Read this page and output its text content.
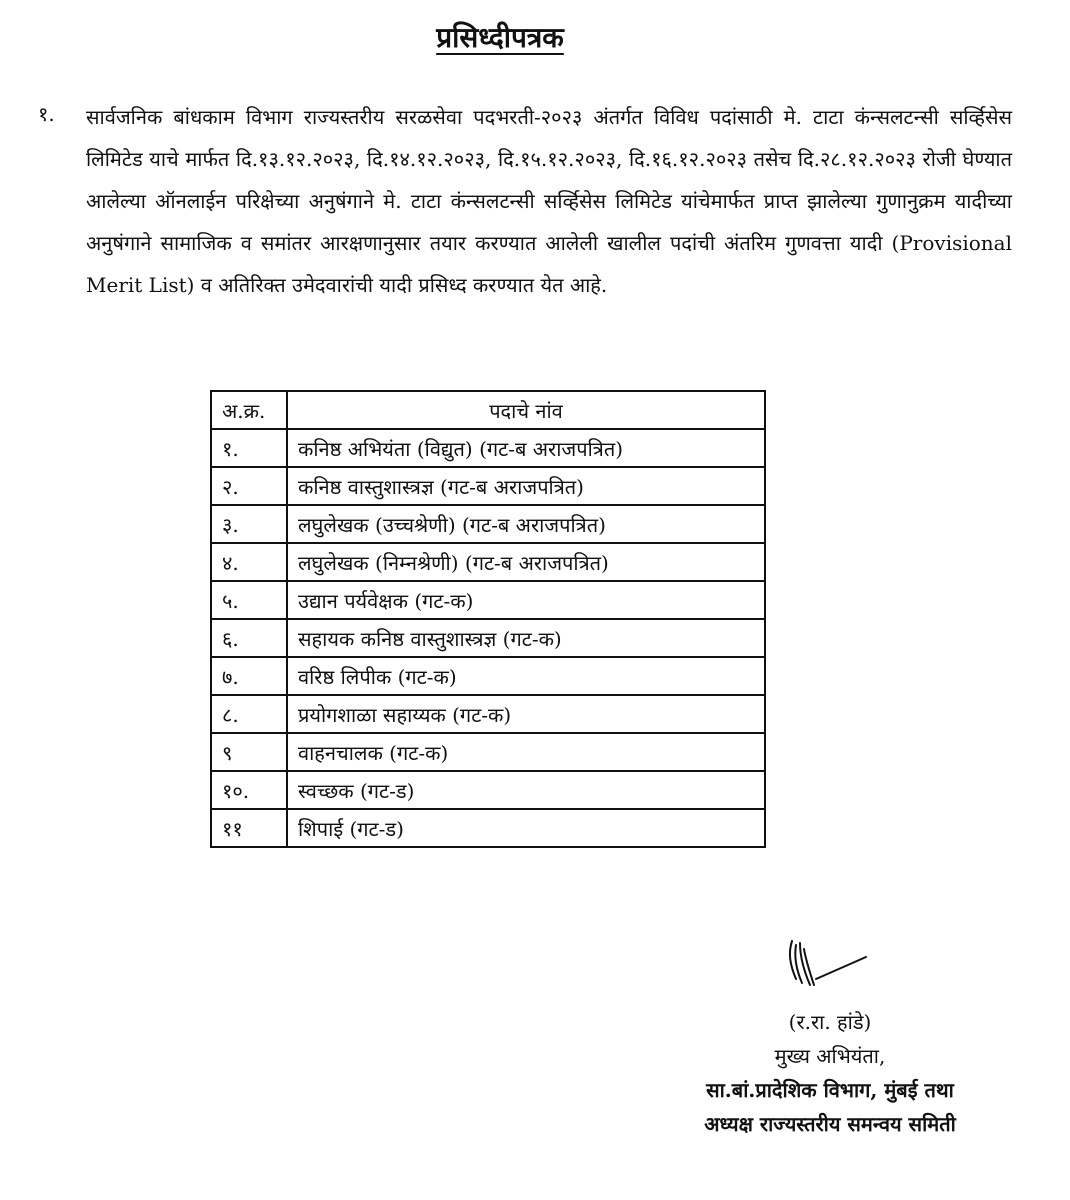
प्रसिध्दीपत्रक
१. सार्वजनिक बांधकाम विभाग राज्यस्तरीय सरळसेवा पदभरती-२०२३ अंतर्गत विविध पदांसाठी मे. टाटा कंन्सलटन्सी सर्व्हिसेस लिमिटेड याचे मार्फत दि.१३.१२.२०२३, दि.१४.१२.२०२३, दि.१५.१२.२०२३, दि.१६.१२.२०२३ तसेच दि.२८.१२.२०२३ रोजी घेण्यात आलेल्या ऑनलाईन परिक्षेच्या अनुषंगाने मे. टाटा कंन्सलटन्सी सर्व्हिसेस लिमिटेड यांचेमार्फत प्राप्त झालेल्या गुणानुक्रम यादीच्या अनुषंगाने सामाजिक व समांतर आरक्षणानुसार तयार करण्यात आलेली खालील पदांची अंतरिम गुणवत्ता यादी (Provisional Merit List) व अतिरिक्त उमेदवारांची यादी प्रसिध्द करण्यात येत आहे.

अ.क्र.	पदाचे नांव
१.	कनिष्ठ अभियंता (विद्युत) (गट-ब अराजपत्रित)
२.	कनिष्ठ वास्तुशास्त्रज्ञ (गट-ब अराजपत्रित)
३.	लघुलेखक (उच्चश्रेणी) (गट-ब अराजपत्रित)
४.	लघुलेखक (निम्नश्रेणी) (गट-ब अराजपत्रित)
५.	उद्यान पर्यवेक्षक (गट-क)
६.	सहायक कनिष्ठ वास्तुशास्त्रज्ञ (गट-क)
७.	वरिष्ठ लिपीक (गट-क)
८.	प्रयोगशाळा सहाय्यक (गट-क)
९	वाहनचालक (गट-क)
१०.	स्वच्छक (गट-ड)
११	शिपाई (गट-ड)
(र.रा. हांडे)
मुख्य अभियंता,
सा.बां.प्रादेशिक विभाग, मुंबई तथा
अध्यक्ष राज्यस्तरीय समन्वय समिती
